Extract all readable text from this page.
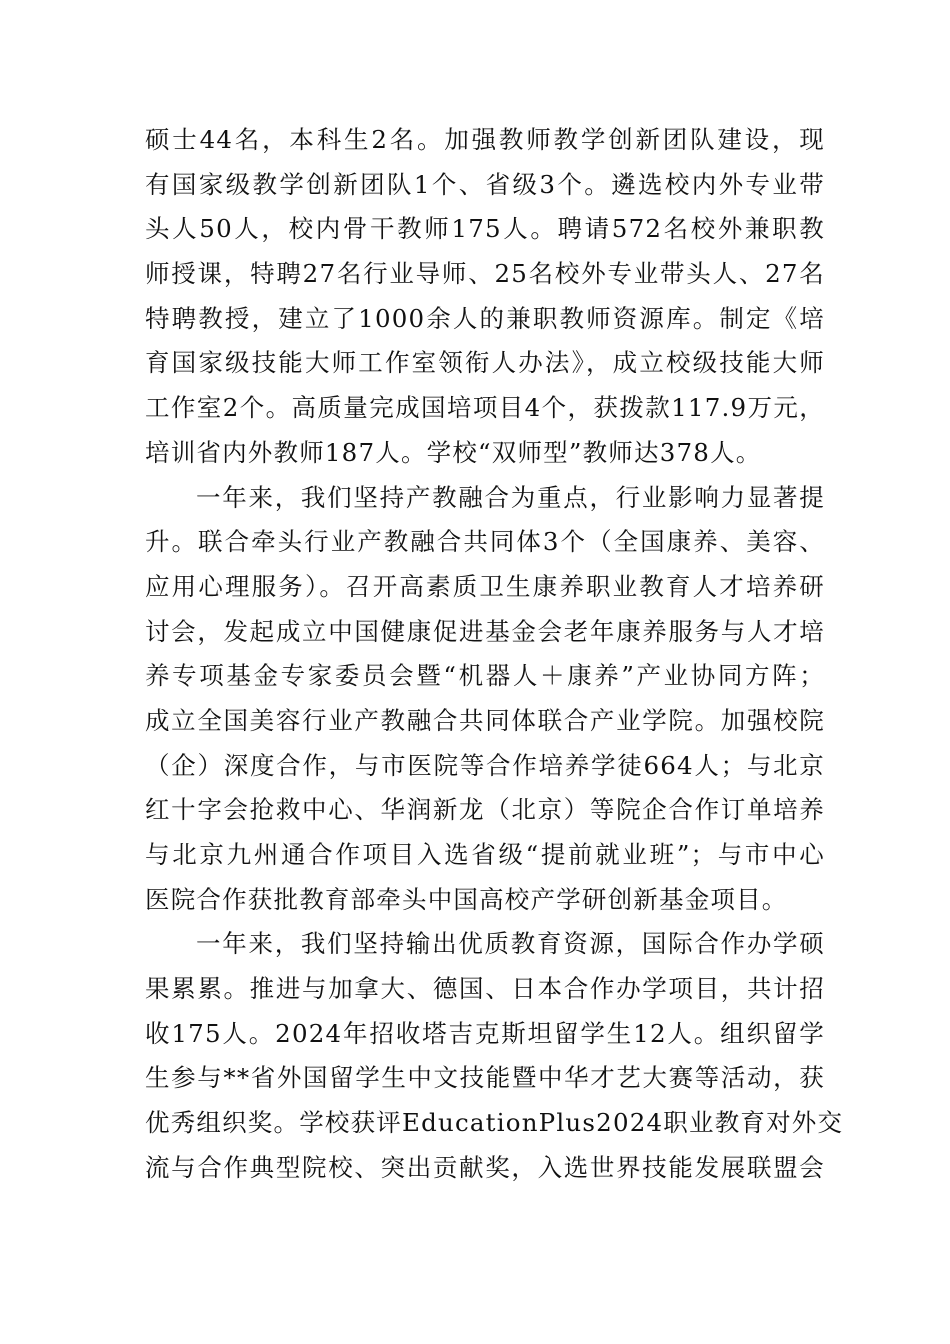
硕士44名，本科生2名。加强教师教学创新团队建设，现
有国家级教学创新团队1个、省级3个。遴选校内外专业带
头人50人，校内骨干教师175人。聘请572名校外兼职教
师授课，特聘27名行业导师、25名校外专业带头人、27名
特聘教授，建立了1000余人的兼职教师资源库。制定《培
育国家级技能大师工作室领衔人办法》，成立校级技能大师
工作室2个。高质量完成国培项目4个，获拨款117.9万元，
培训省内外教师187人。学校“双师型”教师达378人。
一年来，我们坚持产教融合为重点，行业影响力显著提
升。联合牵头行业产教融合共同体3个（全国康养、美容、
应用心理服务）。召开高素质卫生康养职业教育人才培养研
讨会，发起成立中国健康促进基金会老年康养服务与人才培
养专项基金专家委员会暨“机器人＋康养”产业协同方阵；
成立全国美容行业产教融合共同体联合产业学院。加强校院
（企）深度合作，与市医院等合作培养学徒664人；与北京
红十字会抢救中心、华润新龙（北京）等院企合作订单培养
与北京九州通合作项目入选省级“提前就业班”；与市中心
医院合作获批教育部牵头中国高校产学研创新基金项目。
一年来，我们坚持输出优质教育资源，国际合作办学硕
果累累。推进与加拿大、德国、日本合作办学项目，共计招
收175人。2024年招收塔吉克斯坦留学生12人。组织留学
生参与**省外国留学生中文技能暨中华才艺大赛等活动，获
优秀组织奖。学校获评EducationPlus2024职业教育对外交
流与合作典型院校、突出贡献奖，入选世界技能发展联盟会
